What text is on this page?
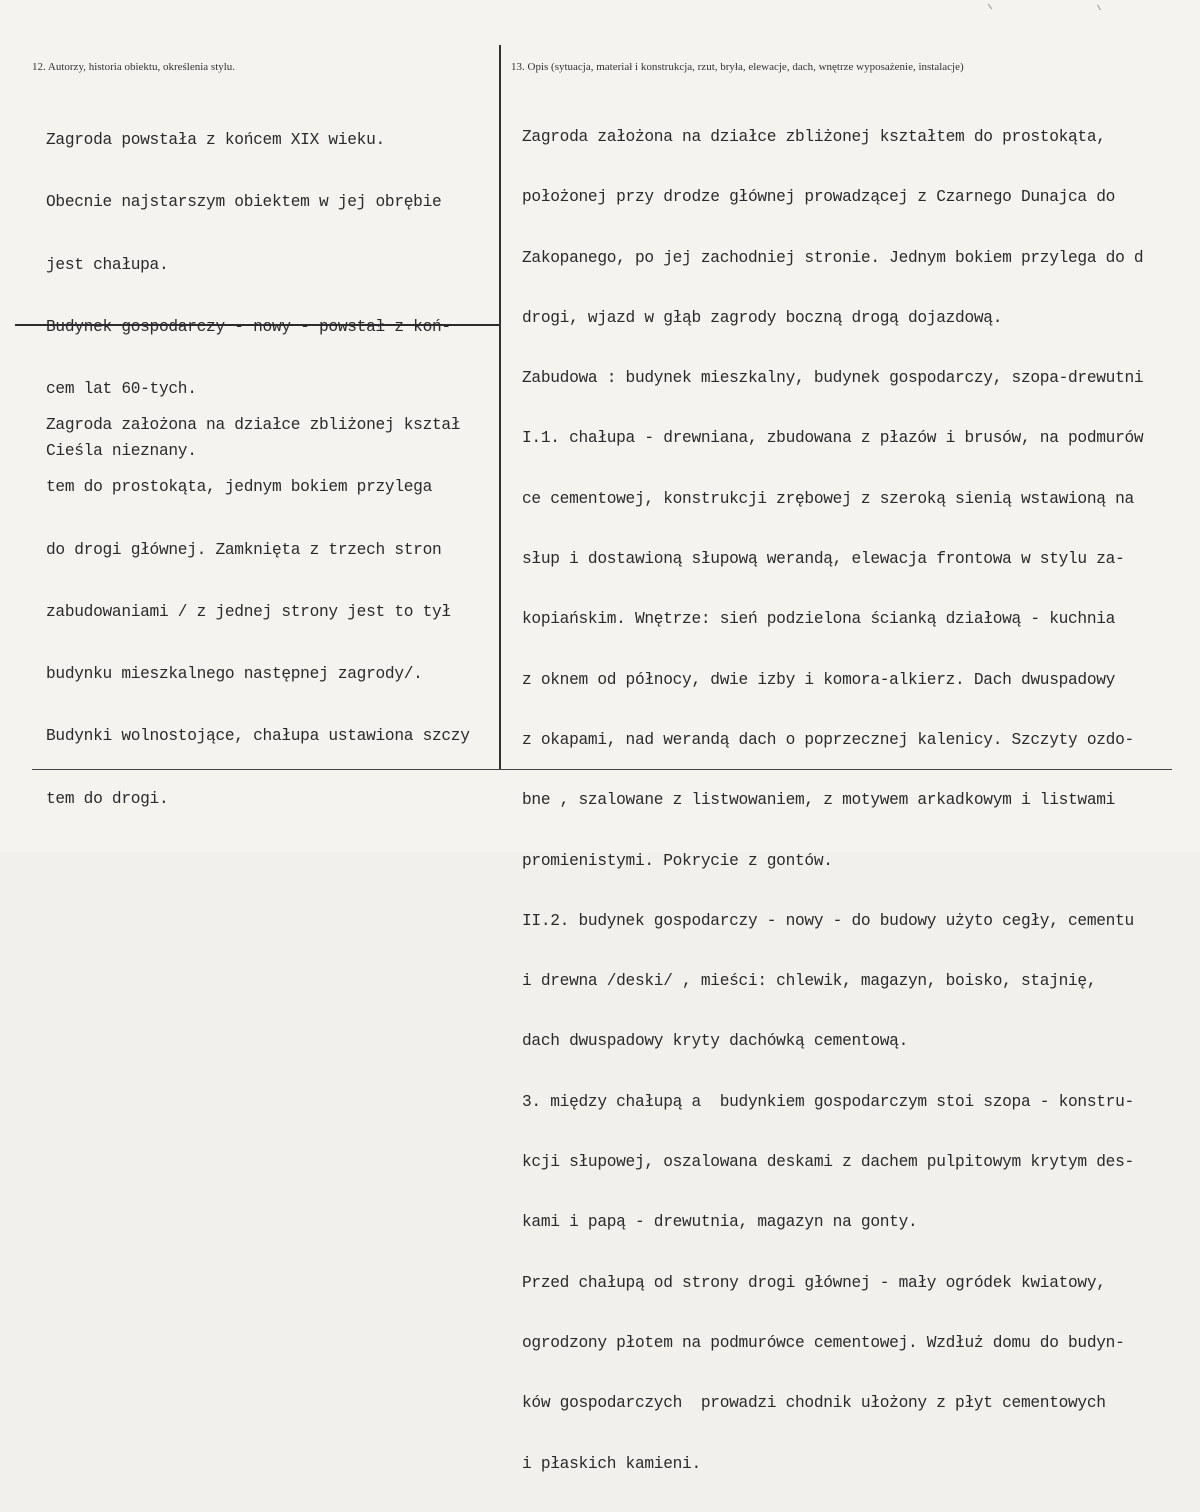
12. Autorzy, historia obiektu, określenia stylu.	13. Opis (sytuacja, materiał i konstrukcja, rzut, bryła, elewacje, dach, wnętrze wyposażenie, instalacje)

Zagroda powstała z końcem XIX wieku.

Obecnie najstarszym obiektem w jej obrębie

jest chałupa.

Budynek gospodarczy - nowy - powstał z koń-

cem lat 60-tych.

Cieśla nieznany.

Zagroda założona na działce zbliżonej kształ

tem do prostokąta, jednym bokiem przylega

do drogi głównej. Zamknięta z trzech stron

zabudowaniami / z jednej strony jest to tył

budynku mieszkalnego następnej zagrody/.

Budynki wolnostojące, chałupa ustawiona szczy

tem do drogi.

Zagroda założona na działce zbliżonej kształtem do prostokąta,

położonej przy drodze głównej prowadzącej z Czarnego Dunajca do

Zakopanego, po jej zachodniej stronie. Jednym bokiem przylega do d

drogi, wjazd w głąb zagrody boczną drogą dojazdową.

Zabudowa : budynek mieszkalny, budynek gospodarczy, szopa-drewutni

I.1. chałupa - drewniana, zbudowana z płazów i brusów, na podmurów

ce cementowej, konstrukcji zrębowej z szeroką sienią wstawioną na

słup i dostawioną słupową werandą, elewacja frontowa w stylu za-

kopiańskim. Wnętrze: sień podzielona ścianką działową - kuchnia

z oknem od północy, dwie izby i komora-alkierz. Dach dwuspadowy

z okapami, nad werandą dach o poprzecznej kalenicy. Szczyty ozdo-

bne , szalowane z listwowaniem, z motywem arkadkowym i listwami

promienistymi. Pokrycie z gontów.

II.2. budynek gospodarczy - nowy - do budowy użyto cegły, cementu

i drewna /deski/ , mieści: chlewik, magazyn, boisko, stajnię,

dach dwuspadowy kryty dachówką cementową.

3. między chałupą a  budynkiem gospodarczym stoi szopa - konstru-

kcji słupowej, oszalowana deskami z dachem pulpitowym krytym des-

kami i papą - drewutnia, magazyn na gonty.

Przed chałupą od strony drogi głównej - mały ogródek kwiatowy,

ogrodzony płotem na podmurówce cementowej. Wzdłuż domu do budyn-

ków gospodarczych  prowadzi chodnik ułożony z płyt cementowych

i płaskich kamieni.
